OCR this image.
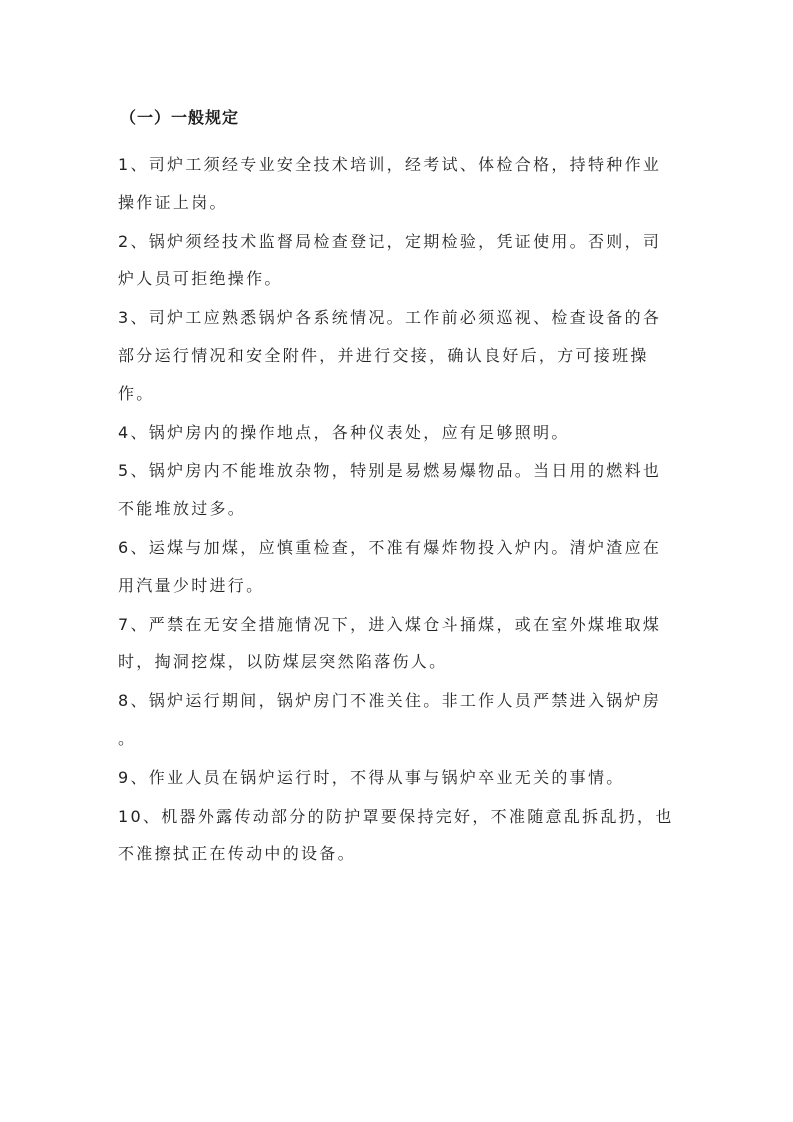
（一）一般规定

1、司炉工须经专业安全技术培训，经考试、体检合格，持特种作业操作证上岗。

2、锅炉须经技术监督局检查登记，定期检验，凭证使用。否则，司炉人员可拒绝操作。

3、司炉工应熟悉锅炉各系统情况。工作前必须巡视、检查设备的各部分运行情况和安全附件，并进行交接，确认良好后，方可接班操作。

4、锅炉房内的操作地点，各种仪表处，应有足够照明。

5、锅炉房内不能堆放杂物，特别是易燃易爆物品。当日用的燃料也不能堆放过多。

6、运煤与加煤，应慎重检查，不准有爆炸物投入炉内。清炉渣应在用汽量少时进行。

7、严禁在无安全措施情况下，进入煤仓斗捅煤，或在室外煤堆取煤时，掏洞挖煤，以防煤层突然陷落伤人。

8、锅炉运行期间，锅炉房门不准关住。非工作人员严禁进入锅炉房 。

9、作业人员在锅炉运行时，不得从事与锅炉卒业无关的事情。

10、机器外露传动部分的防护罩要保持完好，不准随意乱拆乱扔，也不准擦拭正在传动中的设备。
